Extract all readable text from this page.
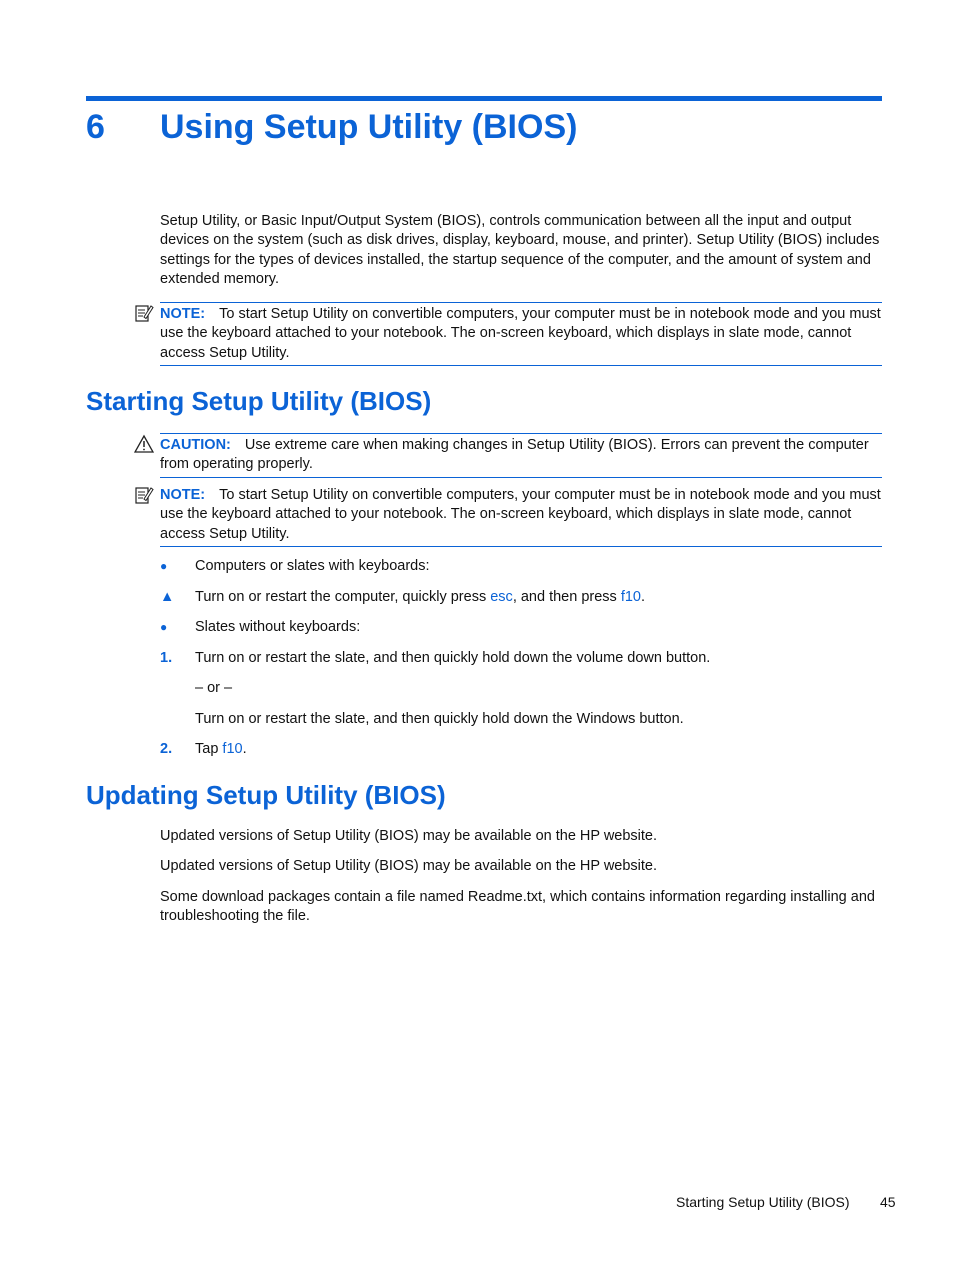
6 Using Setup Utility (BIOS)
Setup Utility, or Basic Input/Output System (BIOS), controls communication between all the input and output devices on the system (such as disk drives, display, keyboard, mouse, and printer). Setup Utility (BIOS) includes settings for the types of devices installed, the startup sequence of the computer, and the amount of system and extended memory.
NOTE: To start Setup Utility on convertible computers, your computer must be in notebook mode and you must use the keyboard attached to your notebook. The on-screen keyboard, which displays in slate mode, cannot access Setup Utility.
Starting Setup Utility (BIOS)
CAUTION: Use extreme care when making changes in Setup Utility (BIOS). Errors can prevent the computer from operating properly.
NOTE: To start Setup Utility on convertible computers, your computer must be in notebook mode and you must use the keyboard attached to your notebook. The on-screen keyboard, which displays in slate mode, cannot access Setup Utility.
●	Computers or slates with keyboards:
▲	Turn on or restart the computer, quickly press esc, and then press f10.
●	Slates without keyboards:
1.	Turn on or restart the slate, and then quickly hold down the volume down button.
– or –
Turn on or restart the slate, and then quickly hold down the Windows button.
2.	Tap f10.
Updating Setup Utility (BIOS)
Updated versions of Setup Utility (BIOS) may be available on the HP website.
Updated versions of Setup Utility (BIOS) may be available on the HP website.
Some download packages contain a file named Readme.txt, which contains information regarding installing and troubleshooting the file.
Starting Setup Utility (BIOS) 45
